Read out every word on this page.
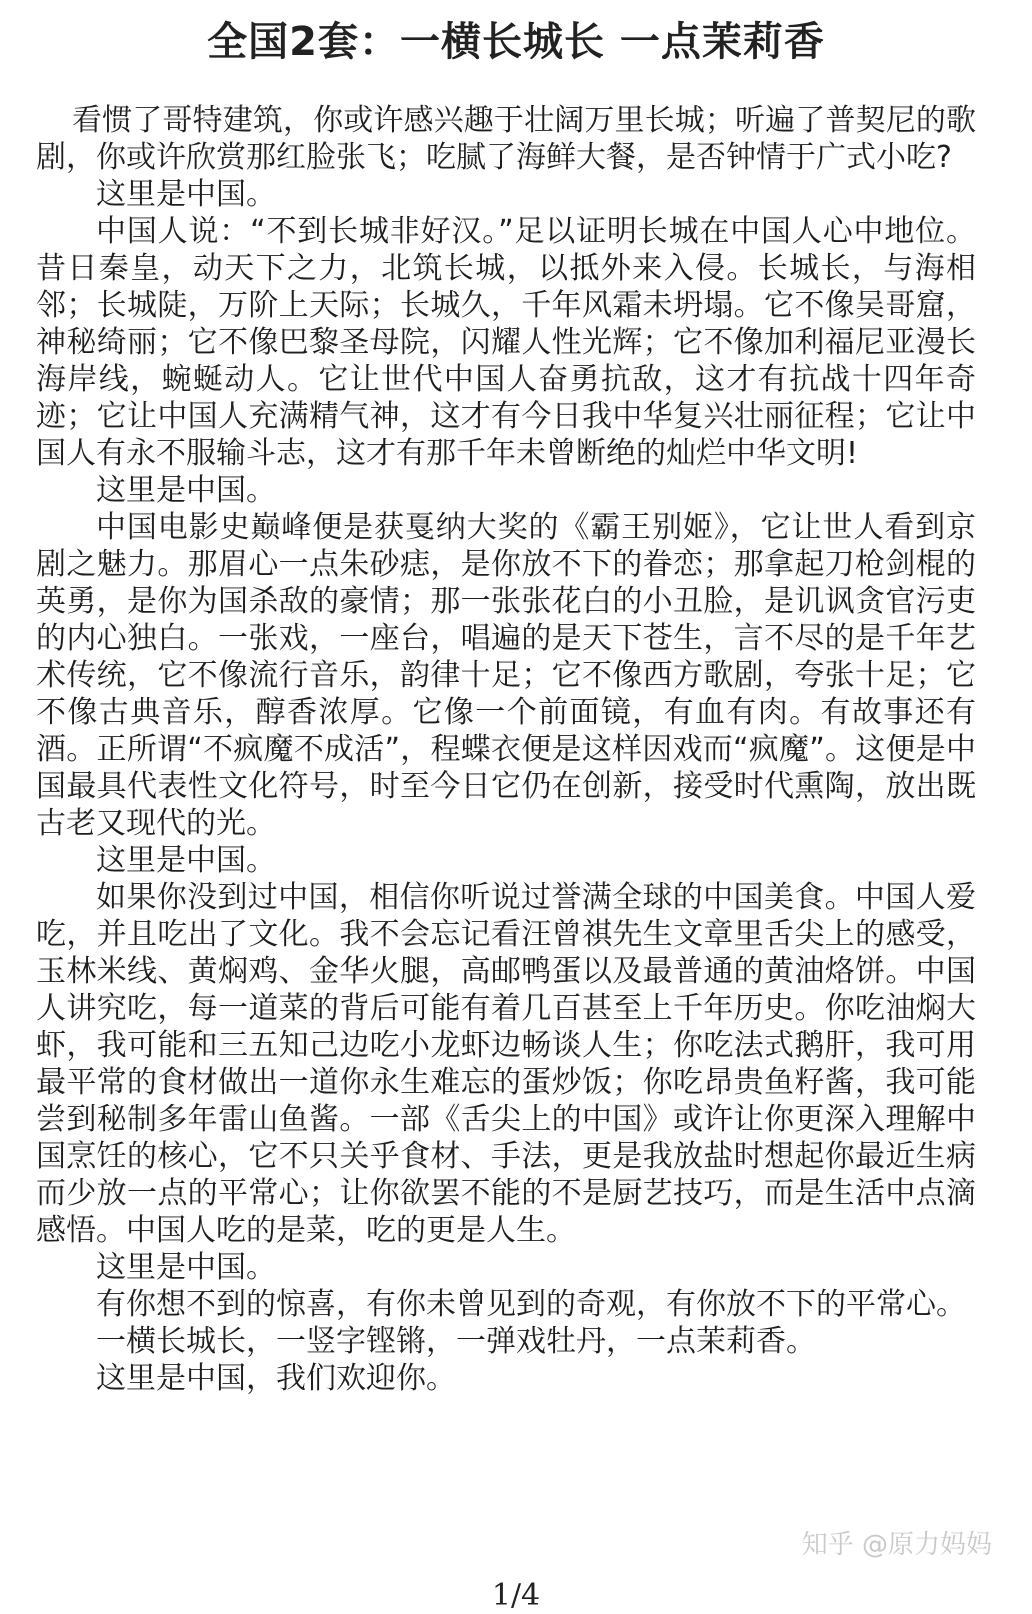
全国2套：一横长城长 一点茉莉香

看惯了哥特建筑，你或许感兴趣于壮阔万里长城；听遍了普契尼的歌剧，你或许欣赏那红脸张飞；吃腻了海鲜大餐，是否钟情于广式小吃?

这里是中国。

中国人说：“不到长城非好汉。”足以证明长城在中国人心中地位。昔日秦皇，动天下之力，北筑长城，以抵外来入侵。长城长，与海相邻；长城陡，万阶上天际；长城久，千年风霜未坍塌。它不像吴哥窟，神秘绮丽；它不像巴黎圣母院，闪耀人性光辉；它不像加利福尼亚漫长海岸线，蜿蜒动人。它让世代中国人奋勇抗敌，这才有抗战十四年奇迹；它让中国人充满精气神，这才有今日我中华复兴壮丽征程；它让中国人有永不服输斗志，这才有那千年未曾断绝的灿烂中华文明!

这里是中国。

中国电影史巅峰便是获戛纳大奖的《霸王别姬》，它让世人看到京剧之魅力。那眉心一点朱砂痣，是你放不下的眷恋；那拿起刀枪剑棍的英勇，是你为国杀敌的豪情；那一张张花白的小丑脸，是讥讽贪官污吏的内心独白。一张戏，一座台，唱遍的是天下苍生，言不尽的是千年艺术传统，它不像流行音乐，韵律十足；它不像西方歌剧，夸张十足；它不像古典音乐，醇香浓厚。它像一个前面镜，有血有肉。有故事还有酒。正所谓“不疯魔不成活”，程蝶衣便是这样因戏而“疯魔”。这便是中国最具代表性文化符号，时至今日它仍在创新，接受时代熏陶，放出既古老又现代的光。

这里是中国。

如果你没到过中国，相信你听说过誉满全球的中国美食。中国人爱吃，并且吃出了文化。我不会忘记看汪曾祺先生文章里舌尖上的感受，玉林米线、黄焖鸡、金华火腿，高邮鸭蛋以及最普通的黄油烙饼。中国人讲究吃，每一道菜的背后可能有着几百甚至上千年历史。你吃油焖大虾，我可能和三五知己边吃小龙虾边畅谈人生；你吃法式鹅肝，我可用最平常的食材做出一道你永生难忘的蛋炒饭；你吃昂贵鱼籽酱，我可能尝到秘制多年雷山鱼酱。一部《舌尖上的中国》或许让你更深入理解中国烹饪的核心，它不只关乎食材、手法，更是我放盐时想起你最近生病而少放一点的平常心；让你欲罢不能的不是厨艺技巧，而是生活中点滴感悟。中国人吃的是菜，吃的更是人生。

这里是中国。

有你想不到的惊喜，有你未曾见到的奇观，有你放不下的平常心。

一横长城长，一竖字铿锵，一弹戏牡丹，一点茉莉香。

这里是中国，我们欢迎你。

知乎 @原力妈妈
1/4
